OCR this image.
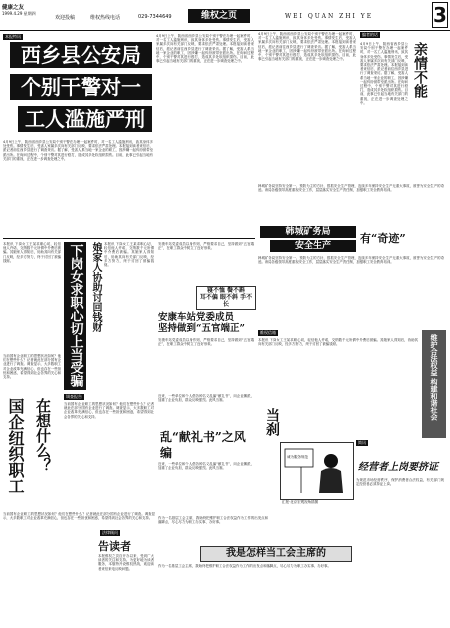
健康之友
1999.4.29 星期四
欢迎投稿	维权热线电话	029-7344649	维权之页	WEI QUAN ZHI YE	3
本报特讯
西乡县公安局
个别干警对一
工人滥施严刑
4月9日上午，陕西省西乡县公安局个别干警在办理一起案件时，对一名工人滥施刑讯，致其身体多处受伤。事情发生后，受害人家属多次向有关部门反映，要求依法严肃处理。本报接到读者来信后，派记者前往西乡县进行了调查采访。据了解，受害人系当地一家企业的职工，因涉嫌一起纠纷被带至派出所。在询问过程中，个别干警对其进行殴打，造成其多处软组织损伤。目前，此事已引起当地有关部门的重视，正在进一步调查处理之中。
4月9日上午，陕西省西乡县公安局个别干警在办理一起案件时，对一名工人滥施刑讯，致其身体多处受伤。事情发生后，受害人家属多次向有关部门反映，要求依法严肃处理。本报接到读者来信后，派记者前往西乡县进行了调查采访。据了解，受害人系当地一家企业的职工，因涉嫌一起纠纷被带至派出所。在询问过程中，个别干警对其进行殴打，造成其多处软组织损伤。目前，此事已引起当地有关部门的重视，正在进一步调查处理之中。
编者的话
4月9日上午，陕西省西乡县公安局个别干警在办理一起案件时，对一名工人滥施刑讯，致其身体多处受伤。事情发生后，受害人家属多次向有关部门反映，要求依法严肃处理。本报接到读者来信后，派记者前往西乡县进行了调查采访。据了解，受害人系当地一家企业的职工，因涉嫌一起纠纷被带至派出所。在询问过程中，个别干警对其进行殴打，造成其多处软组织损伤。目前，此事已引起当地有关部门的重视，正在进一步调查处理之中。	亲情不能
4月9日上午，陕西省西乡县公安局个别干警在办理一起案件时，对一名工人滥施刑讯，致其身体多处受伤。事情发生后，受害人家属多次向有关部门反映，要求依法严肃处理。本报接到读者来信后，派记者前往西乡县进行了调查采访。据了解，受害人系当地一家企业的职工，因涉嫌一起纠纷被带至派出所。在询问过程中，个别干警对其进行殴打，造成其多处软组织损伤。目前，此事已引起当地有关部门的重视，正在进一步调查处理之中。
韩城矿务局坚持安全第一、预防为主的方针，狠抓安全生产管理，连续多年保持安全生产无重大事故，被誉为安全生产的奇迹。该局各级领导高度重视安全工作，层层落实安全生产责任制，加强职工安全教育培训。
韩城矿务局
安全生产
有“奇迹”
韩城矿务局坚持安全第一、预防为主的方针，狠抓安全生产管理，连续多年保持安全生产无重大事故，被誉为安全生产的奇迹。该局各级领导高度重视安全工作，层层落实安全生产责任制，加强职工安全教育培训。
维护合法权益 构建和谐社会
维权信箱
本报讯 下岗女工王某求职心切，轻信他人许诺，交纳数千元所谓中介费后被骗。其娘家人得知后，协助其向有关部门反映，经多方努力，终于讨回了被骗钱财。
本报讯 下岗女工王某求职心切，轻信他人许诺，交纳数千元所谓中介费后被骗。其娘家人得知后，协助其向有关部门反映，经多方努力，终于讨回了被骗钱财。
下岗女求职心切上当受骗
娘家人协助讨回钱财
本报讯 下岗女工王某求职心切，轻信他人许诺，交纳数千元所谓中介费后被骗。其娘家人得知后，协助其向有关部门反映，经多方努力，终于讨回了被骗钱财。
安康车站党委成员以身作则，严格要求自己，坚持做到“五官端正”，在职工群众中树立了良好形象。
寝不恤 餐不斟
耳不偏 眼不斜 手不长
安康车站党委成员
坚持做到“五官端正”
安康车站党委成员以身作则，严格要求自己，坚持做到“五官端正”，在职工群众中树立了良好形象。
当前国有企业职工的思想状况如何？他们在想些什么？记者就此在部分国有企业进行了调查。调查显示，大多数职工对企业改革充满信心，但也存在一些担忧和困惑，希望得到社会各界的关心和支持。
国企纽织职工
在想什么？
调查报告
当前国有企业职工的思想状况如何？他们在想些什么？记者就此在部分国有企业进行了调查。调查显示，大多数职工对企业改革充满信心，但也存在一些担忧和困惑，希望得到社会各界的关心和支持。
当前国有企业职工的思想状况如何？他们在想些什么？记者就此在部分国有企业进行了调查。调查显示，大多数职工对企业改革充满信心，但也存在一些担忧和困惑，希望得到社会各界的关心和支持。
法律顾问
告读者
本报维权之页自开办以来，受到广大读者的关注和支持。为更好地为读者服务，本版特开设维权热线，欢迎读者来信来电反映问题。
近来，一些单位和个人借各种名义乱编“献礼书”，向企业摊派，加重了企业负担，群众反映强烈。此风当刹。
乱“献礼书”之风
编
近来，一些单位和个人借各种名义乱编“献礼书”，向企业摊派，加重了企业负担，群众反映强烈。此风当刹。
当刹
诚为服务规范
汇报·北京宏观视角插图
简讯
经营者上岗要挤证
为规范市场经营秩序，保护消费者合法权益，有关部门规定经营者必须持证上岗。
作为一名基层工会主席，我始终把维护职工合法权益作为工作的出发点和落脚点，尽心尽力为职工办实事、办好事。
我是怎样当工会主席的
作为一名基层工会主席，我始终把维护职工合法权益作为工作的出发点和落脚点，尽心尽力为职工办实事、办好事。
